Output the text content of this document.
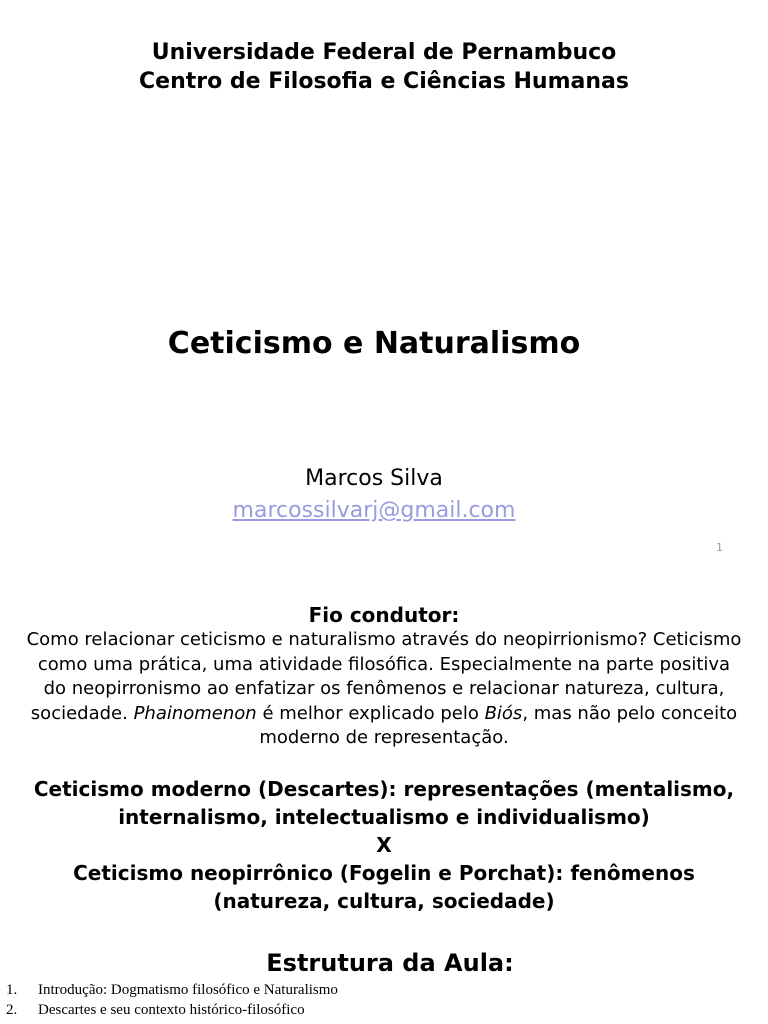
Universidade Federal de Pernambuco
Centro de Filosofia e Ciências Humanas
Ceticismo e Naturalismo
Marcos Silva
marcossilvarj@gmail.com
1
Fio condutor:
Como relacionar ceticismo e naturalismo através do neopirrionismo? Ceticismo como uma prática, uma atividade filosófica. Especialmente na parte positiva do neopirronismo ao enfatizar os fenômenos e relacionar natureza, cultura, sociedade. Phainomenon é melhor explicado pelo Biós, mas não pelo conceito moderno de representação.
Ceticismo moderno (Descartes): representações (mentalismo, internalismo, intelectualismo e individualismo)
X
Ceticismo neopirrônico (Fogelin e Porchat): fenômenos (natureza, cultura, sociedade)
Estrutura da Aula:
1. Introdução: Dogmatismo filosófico e Naturalismo
2. Descartes e seu contexto histórico-filosófico
